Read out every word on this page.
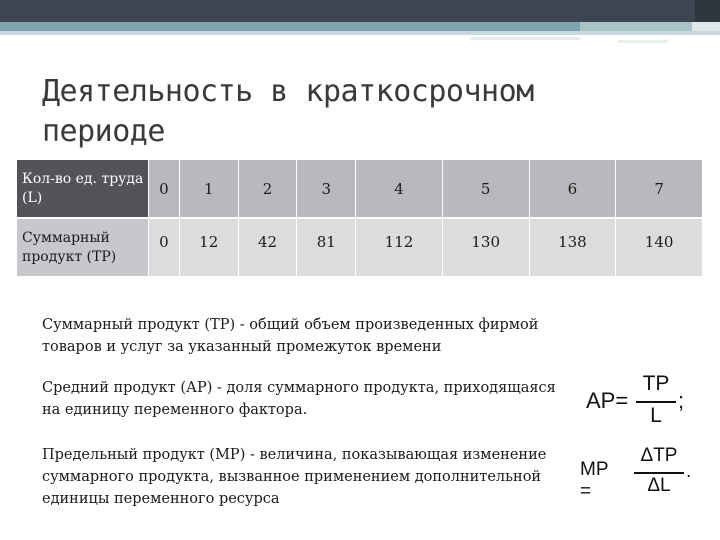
Деятельность в краткосрочном периоде
Кол-во ед. труда (L)	0	1	2	3	4	5	6	7
Суммарный продукт (ТР)	0	12	42	81	112	130	138	140
Суммарный продукт (ТР) - общий объем произведенных фирмой товаров и услуг за указанный промежуток времени
Средний продукт (АР) - доля суммарного продукта, приходящаяся на единицу переменного фактора.
Предельный продукт (МР) - величина, показывающая изменение суммарного продукта, вызванное применением дополнительной единицы переменного ресурса
AP=
TP
L
;
MP =
ΔTP
ΔL
.
